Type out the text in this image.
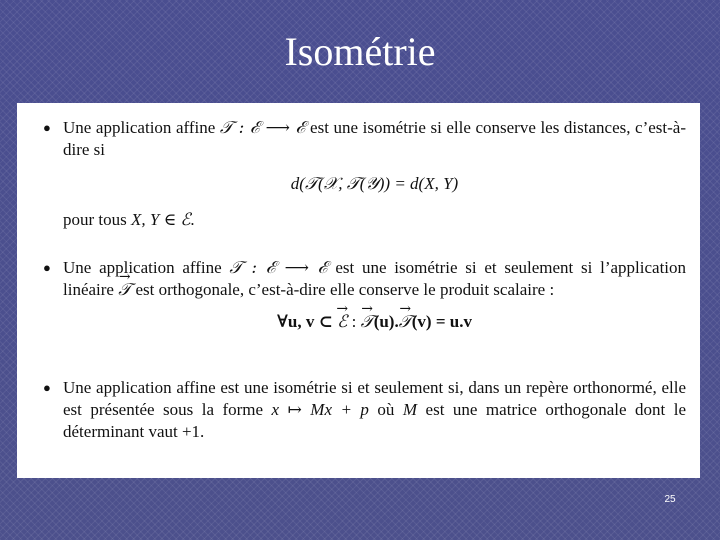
Isométrie
● Une application affine 𝒯 : ℰ ⟶ ℰ est une isométrie si elle conserve les distances, c’est-à-dire si
d(𝒯(𝒳, 𝒯(𝒴)) = d(X, Y)
pour tous X, Y ∈ ℰ.
● Une application affine 𝒯 : ℰ ⟶ ℰ est une isométrie si et seulement si l’application linéaire → 𝒯 est orthogonale, c’est-à-dire elle conserve le produit scalaire :
∀u, v ⊂ → ℰ : → 𝒯(u).→ 𝒯(v) = u.v
● Une application affine est une isométrie si et seulement si, dans un repère orthonormé, elle est présentée sous la forme x ↦ Mx + p où M est une matrice orthogonale dont le déterminant vaut +1.
25
